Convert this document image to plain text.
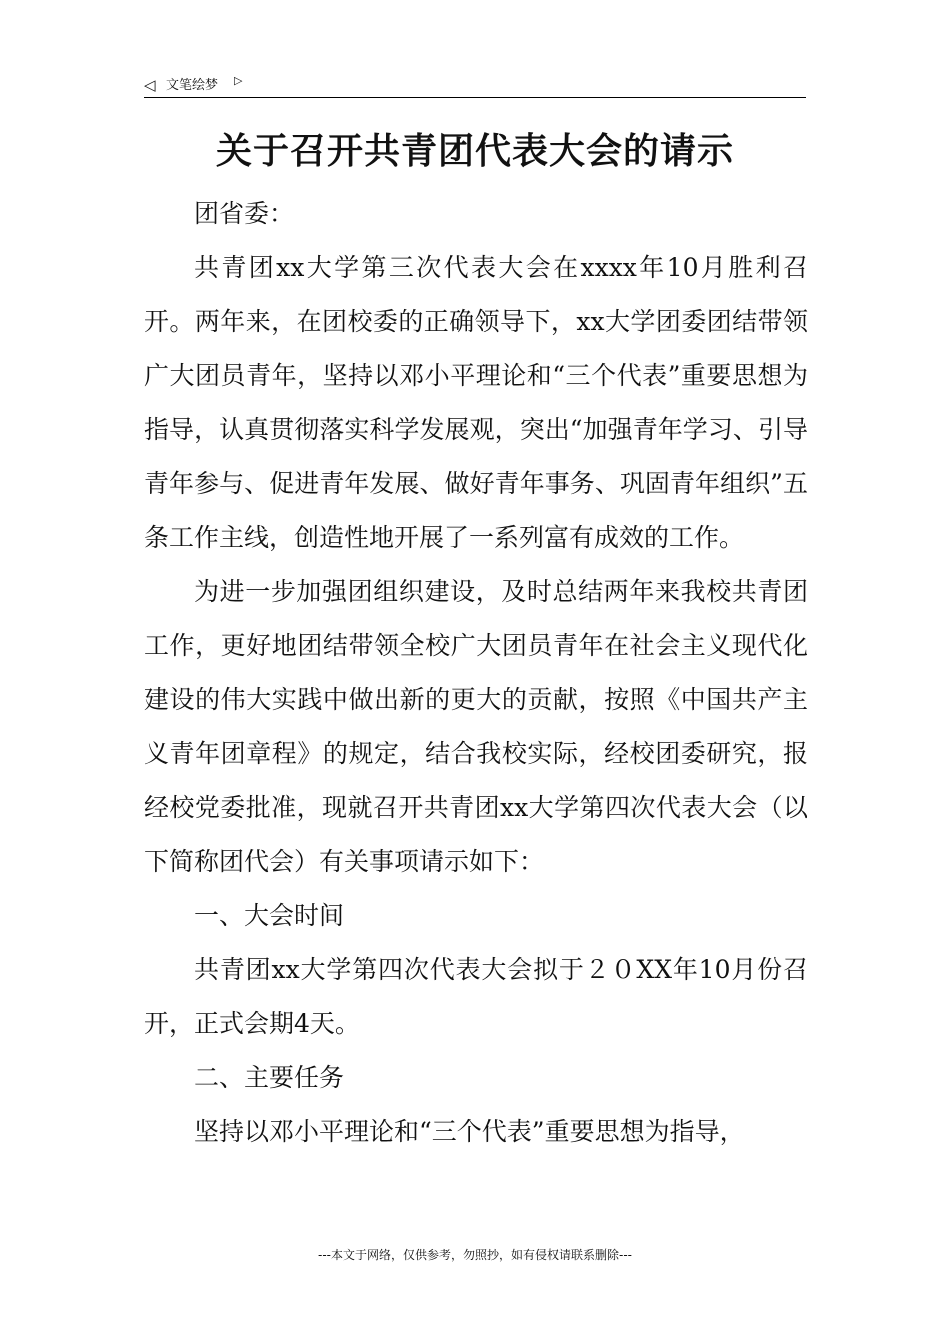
◁ 文笔绘梦 ▷
关于召开共青团代表大会的请示

团省委：

共青团xx大学第三次代表大会在xxxx年10月胜利召开。两年来，在团校委的正确领导下，xx大学团委团结带领广大团员青年，坚持以邓小平理论和“三个代表”重要思想为指导，认真贯彻落实科学发展观，突出“加强青年学习、引导青年参与、促进青年发展、做好青年事务、巩固青年组织”五条工作主线，创造性地开展了一系列富有成效的工作。

为进一步加强团组织建设，及时总结两年来我校共青团工作，更好地团结带领全校广大团员青年在社会主义现代化建设的伟大实践中做出新的更大的贡献，按照《中国共产主义青年团章程》的规定，结合我校实际，经校团委研究，报经校党委批准，现就召开共青团xx大学第四次代表大会（以下简称团代会）有关事项请示如下：

一、大会时间

共青团xx大学第四次代表大会拟于２０XX年10月份召开，正式会期4天。

二、主要任务

坚持以邓小平理论和“三个代表”重要思想为指导，

---本文于网络，仅供参考，勿照抄，如有侵权请联系删除---
